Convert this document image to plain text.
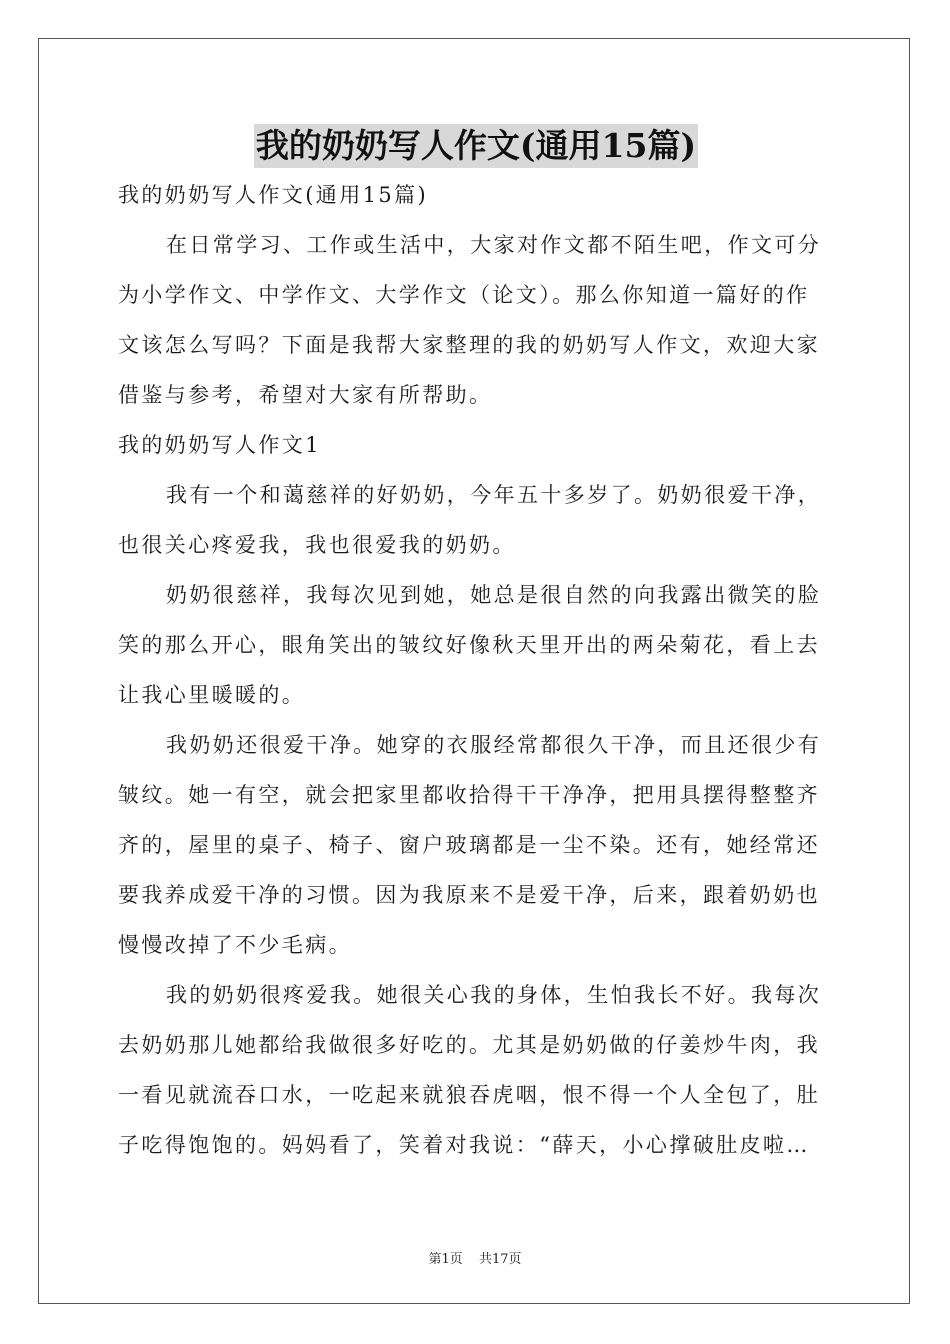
我的奶奶写人作文(通用15篇)
我的奶奶写人作文(通用15篇)
在日常学习、工作或生活中，大家对作文都不陌生吧，作文可分
为小学作文、中学作文、大学作文（论文）。那么你知道一篇好的作
文该怎么写吗？下面是我帮大家整理的我的奶奶写人作文，欢迎大家
借鉴与参考，希望对大家有所帮助。
我的奶奶写人作文1
我有一个和蔼慈祥的好奶奶，今年五十多岁了。奶奶很爱干净，
也很关心疼爱我，我也很爱我的奶奶。
奶奶很慈祥，我每次见到她，她总是很自然的向我露出微笑的脸
笑的那么开心，眼角笑出的皱纹好像秋天里开出的两朵菊花，看上去
让我心里暖暖的。
我奶奶还很爱干净。她穿的衣服经常都很久干净，而且还很少有
皱纹。她一有空，就会把家里都收拾得干干净净，把用具摆得整整齐
齐的，屋里的桌子、椅子、窗户玻璃都是一尘不染。还有，她经常还
要我养成爱干净的习惯。因为我原来不是爱干净，后来，跟着奶奶也
慢慢改掉了不少毛病。
我的奶奶很疼爱我。她很关心我的身体，生怕我长不好。我每次
去奶奶那儿她都给我做很多好吃的。尤其是奶奶做的仔姜炒牛肉，我
一看见就流吞口水，一吃起来就狼吞虎咽，恨不得一个人全包了，肚
子吃得饱饱的。妈妈看了，笑着对我说：“薛天，小心撑破肚皮啦…
第1页 共17页
